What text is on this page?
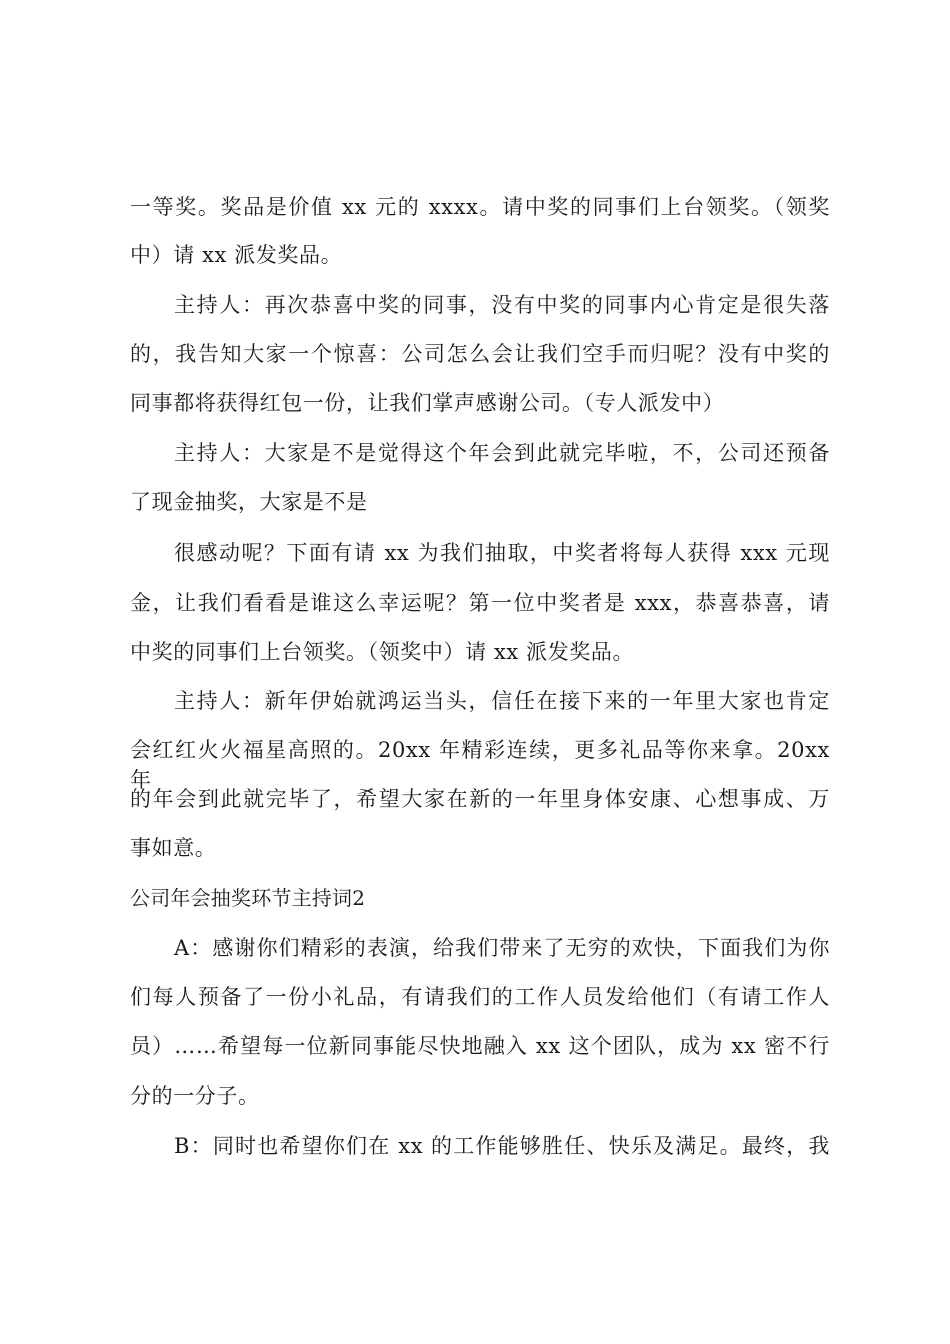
一等奖。奖品是价值 xx 元的 xxxx。请中奖的同事们上台领奖。（领奖
中）请 xx 派发奖品。
主持人：再次恭喜中奖的同事，没有中奖的同事内心肯定是很失落
的，我告知大家一个惊喜：公司怎么会让我们空手而归呢？没有中奖的
同事都将获得红包一份，让我们掌声感谢公司。（专人派发中）
主持人：大家是不是觉得这个年会到此就完毕啦，不，公司还预备
了现金抽奖，大家是不是
很感动呢？下面有请 xx 为我们抽取，中奖者将每人获得 xxx 元现
金，让我们看看是谁这么幸运呢？第一位中奖者是 xxx，恭喜恭喜，请
中奖的同事们上台领奖。（领奖中）请 xx 派发奖品。
主持人：新年伊始就鸿运当头，信任在接下来的一年里大家也肯定
会红红火火福星高照的。20xx 年精彩连续，更多礼品等你来拿。20xx 年
的年会到此就完毕了，希望大家在新的一年里身体安康、心想事成、万
事如意。
公司年会抽奖环节主持词2
A：感谢你们精彩的表演，给我们带来了无穷的欢快，下面我们为你
们每人预备了一份小礼品，有请我们的工作人员发给他们（有请工作人
员）……希望每一位新同事能尽快地融入 xx 这个团队，成为 xx 密不行
分的一分子。
B：同时也希望你们在 xx 的工作能够胜任、快乐及满足。最终，我
